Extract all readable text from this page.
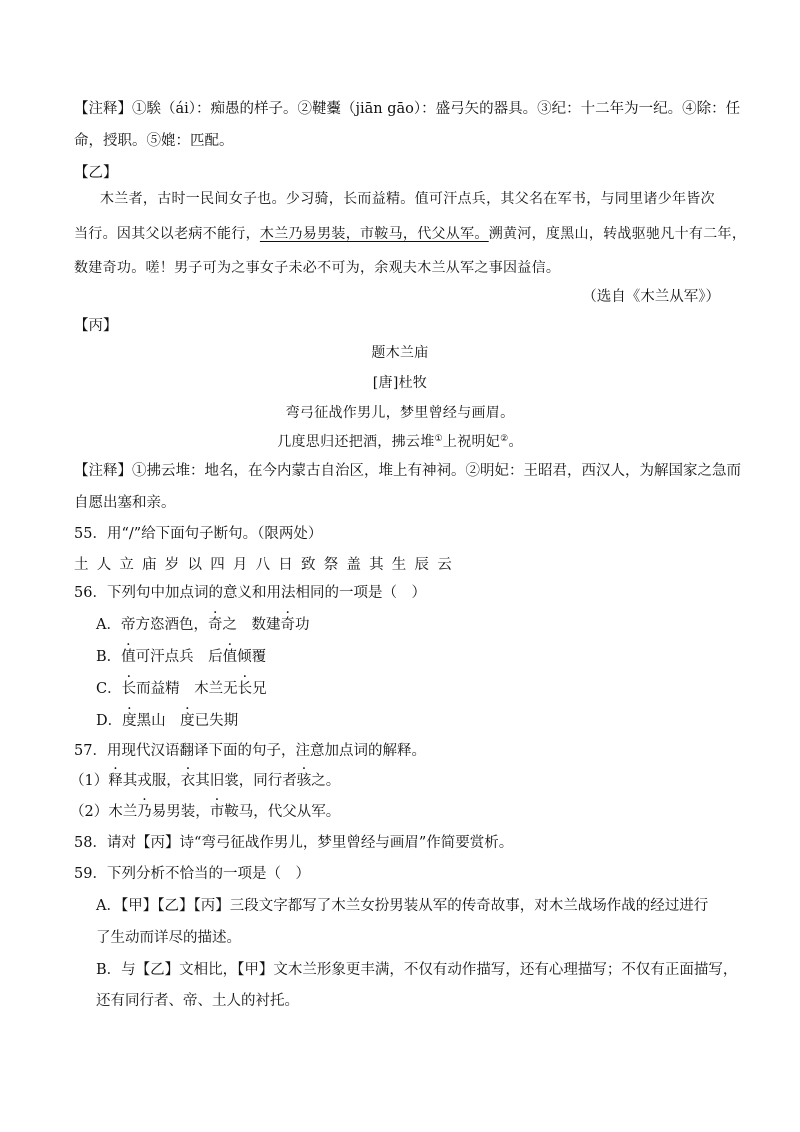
【注释】①騃（ái）：痴愚的样子。②鞬櫜（jiān gāo）：盛弓矢的器具。③纪：十二年为一纪。④除：任
命，授职。⑤媲：匹配。
【乙】
木兰者，古时一民间女子也。少习骑，长而益精。值可汗点兵，其父名在军书，与同里诸少年皆次
当行。因其父以老病不能行，木兰乃易男装，市鞍马，代父从军。溯黄河，度黑山，转战驱驰凡十有二年，
数建奇功。嗟！男子可为之事女子未必不可为，余观夫木兰从军之事因益信。
（选自《木兰从军》）
【丙】
题木兰庙
[唐]杜牧
弯弓征战作男儿，梦里曾经与画眉。
几度思归还把酒，拂云堆①上祝明妃②。
【注释】①拂云堆：地名，在今内蒙古自治区，堆上有神祠。②明妃：王昭君，西汉人，为解国家之急而
自愿出塞和亲。
55．用“/”给下面句子断句。（限两处）
土人立庙岁以四月八日致祭盖其生辰云
56．下列句中加点词的意义和用法相同的一项是（　）
A．帝方恣酒色，奇之　数建奇功
B．值可汗点兵　后值倾覆
C．长而益精　木兰无长兄
D．度黑山　度已失期
57．用现代汉语翻译下面的句子，注意加点词的解释。
（1）释其戎服，衣其旧裳，同行者骇之。
（2）木兰乃易男装，市鞍马，代父从军。
58．请对【丙】诗“弯弓征战作男儿，梦里曾经与画眉”作简要赏析。
59．下列分析不恰当的一项是（　）
A．【甲】【乙】【丙】三段文字都写了木兰女扮男装从军的传奇故事，对木兰战场作战的经过进行
了生动而详尽的描述。
B．与【乙】文相比，【甲】文木兰形象更丰满，不仅有动作描写，还有心理描写；不仅有正面描写，
还有同行者、帝、土人的衬托。
